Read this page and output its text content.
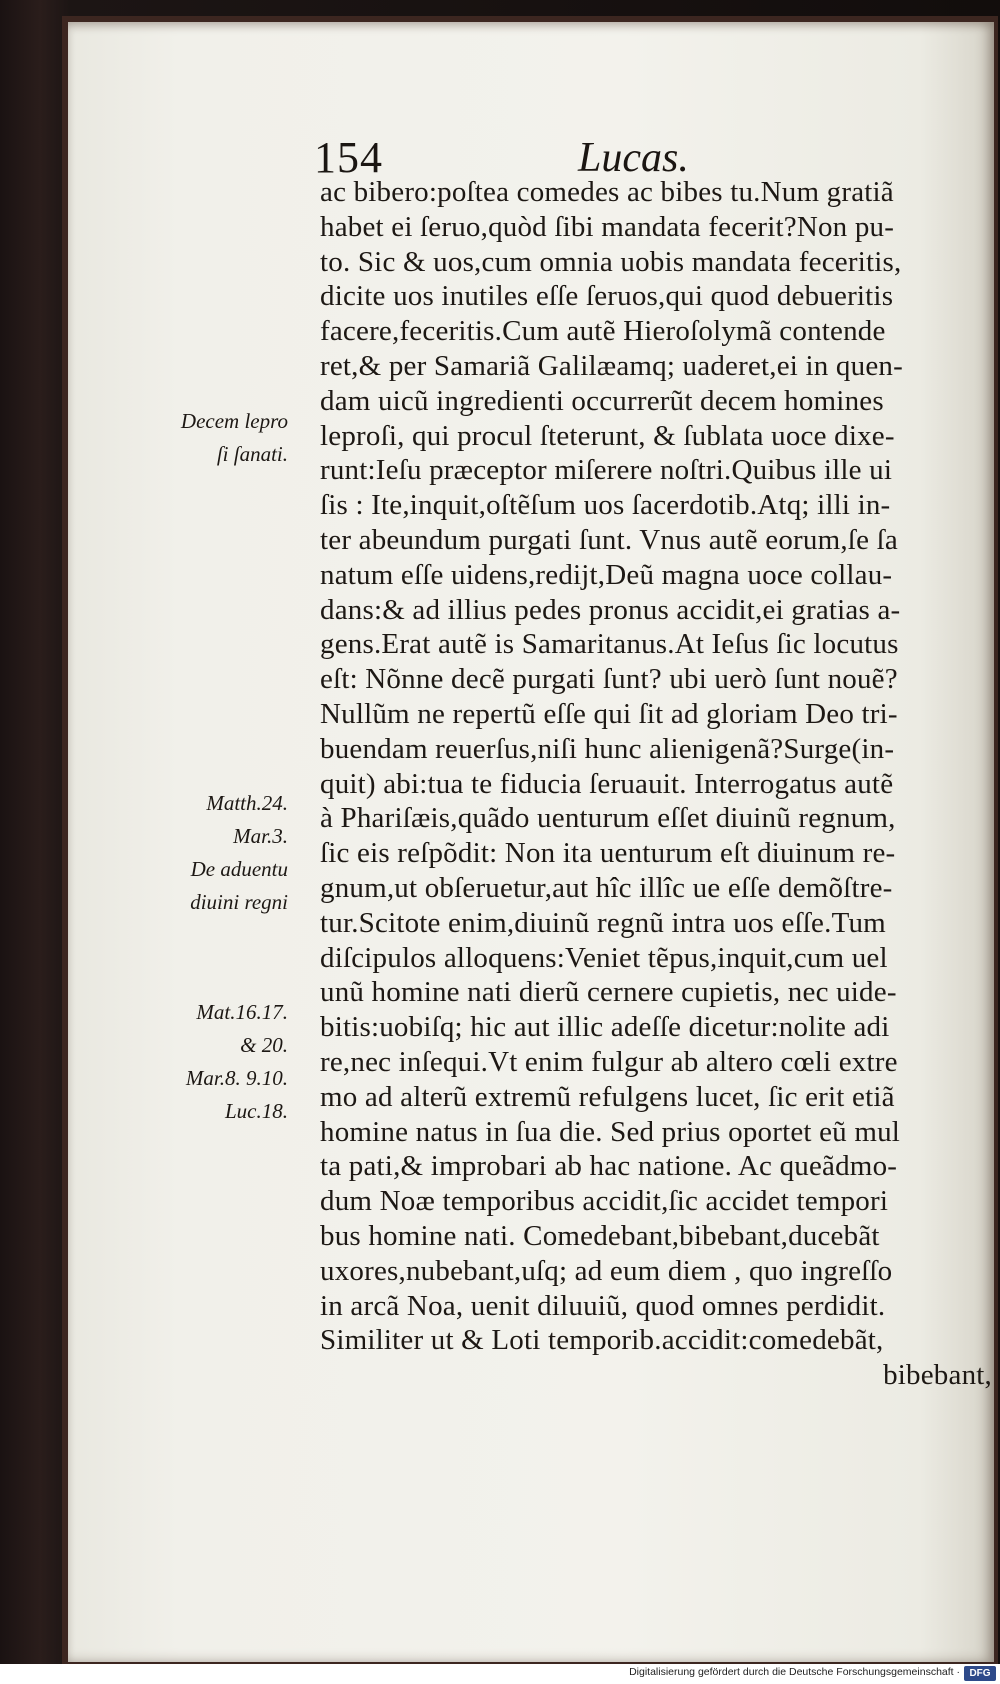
154	Lucas.
ac bibero:poſtea comedes ac bibes tu.Num gratiã
habet ei ſeruo,quòd ſibi mandata fecerit?Non pu-
to. Sic & uos,cum omnia uobis mandata feceritis,
dicite uos inutiles eſſe ſeruos,qui quod debueritis
facere,feceritis.Cum autẽ Hieroſolymã contende
ret,& per Samariã Galilæamq; uaderet,ei in quen-
dam uicũ ingredienti occurrerũt decem homines
leproſi, qui procul ſteterunt, & ſublata uoce dixe-
runt:Ieſu præceptor miſerere noſtri.Quibus ille ui
ſis : Ite,inquit,oſtẽſum uos ſacerdotib.Atq; illi in-
ter abeundum purgati ſunt. Vnus autẽ eorum,ſe ſa
natum eſſe uidens,rediјt,Deũ magna uoce collau-
dans:& ad illius pedes pronus accidit,ei gratias a-
gens.Erat autẽ is Samaritanus.At Ieſus ſic locutus
eſt: Nõnne decẽ purgati ſunt? ubi uerò ſunt nouẽ?
Nullũm ne repertũ eſſe qui ſit ad gloriam Deo tri-
buendam reuerſus,niſi hunc alienigenã?Surge(in-
quit) abi:tua te fiducia ſeruauit. Interrogatus autẽ
à Phariſæis,quãdo uenturum eſſet diuinũ regnum,
ſic eis reſpõdit: Non ita uenturum eſt diuinum re-
gnum,ut obſeruetur,aut hîc illîc ue eſſe demõſtre-
tur.Scitote enim,diuinũ regnũ intra uos eſſe.Tum
diſcipulos alloquens:Veniet tẽpus,inquit,cum uel
unũ homine nati dierũ cernere cupietis, nec uide-
bitis:uobiſq; hic aut illic adeſſe dicetur:nolite adi
re,nec inſequi.Vt enim fulgur ab altero cœli extre
mo ad alterũ extremũ refulgens lucet, ſic erit etiã
homine natus in ſua die. Sed prius oportet eũ mul
ta pati,& improbari ab hac natione. Ac queãdmo-
dum Noæ temporibus accidit,ſic accidet tempori
bus homine nati. Comedebant,bibebant,ducebãt
uxores,nubebant,uſq; ad eum diem , quo ingreſſo
in arcã Noa, uenit diluuiũ, quod omnes perdidit.
Similiter ut & Loti temporib.accidit:comedebãt,
bibebant,
Decem lepro
ſi ſanati.
Matth.24.
Mar.3.
De aduentu
diuini regni
Mat.16.17.
& 20.
Mar.8. 9.10.
Luc.18.
Digitalisierung gefördert durch die Deutsche Forschungsgemeinschaft · DFG
